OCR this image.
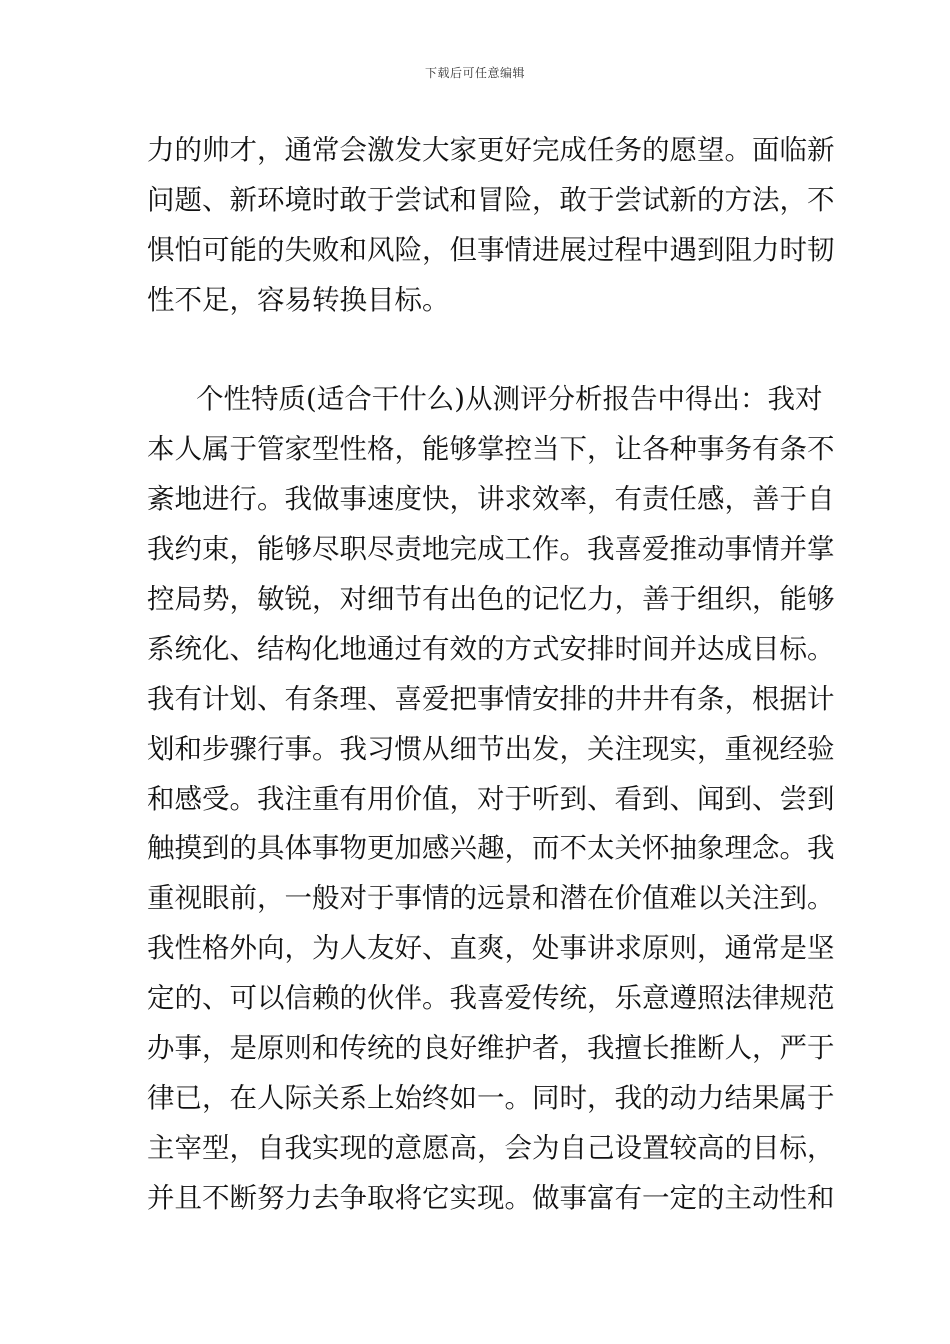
下载后可任意编辑
力的帅才，通常会激发大家更好完成任务的愿望。面临新
问题、新环境时敢于尝试和冒险，敢于尝试新的方法，不
惧怕可能的失败和风险，但事情进展过程中遇到阻力时韧
性不足，容易转换目标。
个性特质(适合干什么)从测评分析报告中得出：我对
本人属于管家型性格，能够掌控当下，让各种事务有条不
紊地进行。我做事速度快，讲求效率，有责任感，善于自
我约束，能够尽职尽责地完成工作。我喜爱推动事情并掌
控局势，敏锐，对细节有出色的记忆力，善于组织，能够
系统化、结构化地通过有效的方式安排时间并达成目标。
我有计划、有条理、喜爱把事情安排的井井有条，根据计
划和步骤行事。我习惯从细节出发，关注现实，重视经验
和感受。我注重有用价值，对于听到、看到、闻到、尝到
触摸到的具体事物更加感兴趣，而不太关怀抽象理念。我
重视眼前，一般对于事情的远景和潜在价值难以关注到。
我性格外向，为人友好、直爽，处事讲求原则，通常是坚
定的、可以信赖的伙伴。我喜爱传统，乐意遵照法律规范
办事，是原则和传统的良好维护者，我擅长推断人，严于
律已，在人际关系上始终如一。同时，我的动力结果属于
主宰型，自我实现的意愿高，会为自己设置较高的目标，
并且不断努力去争取将它实现。做事富有一定的主动性和
